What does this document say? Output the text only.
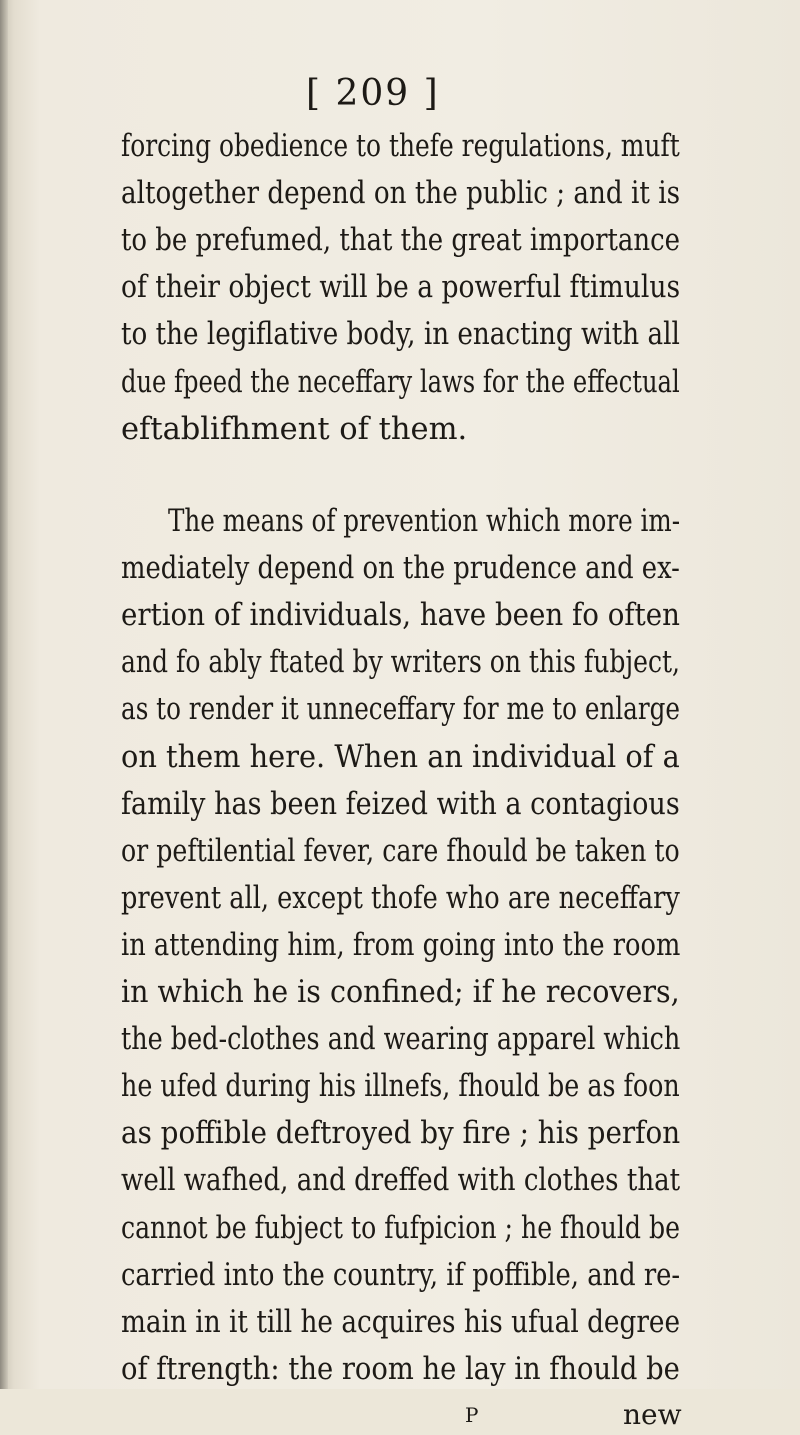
[ 209 ]
forcing obedience to thefe regulations, muft
altogether depend on the public ; and it is
to be prefumed, that the great importance
of their object will be a powerful ftimulus
to the legiflative body, in enacting with all
due fpeed the neceffary laws for the effectual
eftablifhment of them.
The means of prevention which more im-
mediately depend on the prudence and ex-
ertion of individuals, have been fo often
and fo ably ftated by writers on this fubject,
as to render it unneceffary for me to enlarge
on them here. When an individual of a
family has been feized with a contagious
or peftilential fever, care fhould be taken to
prevent all, except thofe who are neceffary
in attending him, from going into the room
in which he is confined; if he recovers,
the bed-clothes and wearing apparel which
he ufed during his illnefs, fhould be as foon
as poffible deftroyed by fire ; his perfon
well wafhed, and dreffed with clothes that
cannot be fubject to fufpicion ; he fhould be
carried into the country, if poffible, and re-
main in it till he acquires his ufual degree
of ftrength: the room he lay in fhould be
P	new
